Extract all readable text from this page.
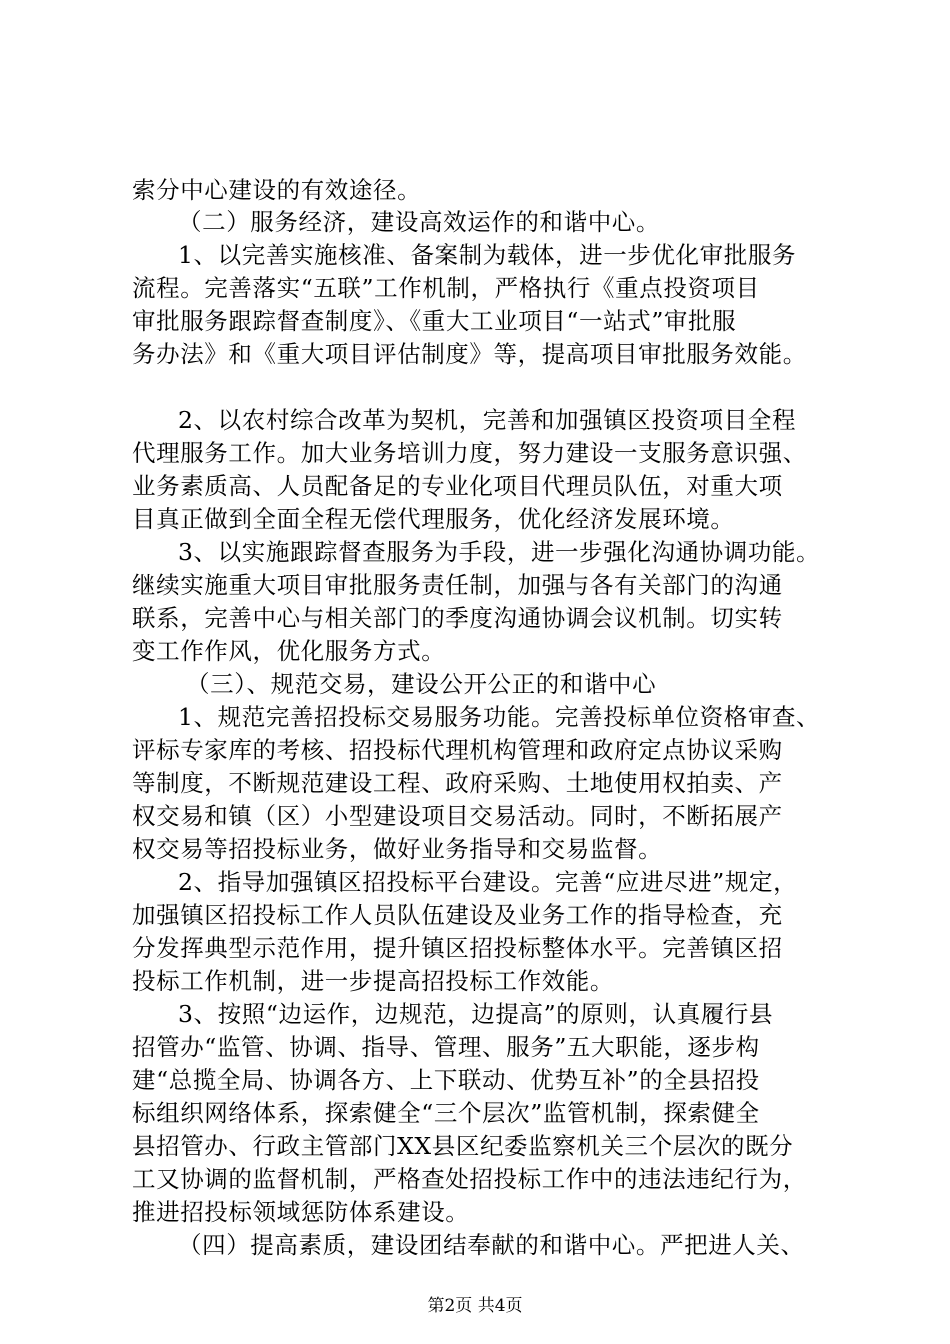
索分中心建设的有效途径。

（二）服务经济，建设高效运作的和谐中心。

1、以完善实施核准、备案制为载体，进一步优化审批服务

流程。完善落实“五联”工作机制，严格执行《重点投资项目

审批服务跟踪督查制度》、《重大工业项目“一站式”审批服

务办法》和《重大项目评估制度》等，提高项目审批服务效能。

2、以农村综合改革为契机，完善和加强镇区投资项目全程

代理服务工作。加大业务培训力度，努力建设一支服务意识强、

业务素质高、人员配备足的专业化项目代理员队伍，对重大项

目真正做到全面全程无偿代理服务，优化经济发展环境。

3、以实施跟踪督查服务为手段，进一步强化沟通协调功能。

继续实施重大项目审批服务责任制，加强与各有关部门的沟通

联系，完善中心与相关部门的季度沟通协调会议机制。切实转

变工作作风，优化服务方式。

（三）、规范交易，建设公开公正的和谐中心

1、规范完善招投标交易服务功能。完善投标单位资格审查、

评标专家库的考核、招投标代理机构管理和政府定点协议采购

等制度，不断规范建设工程、政府采购、土地使用权拍卖、产

权交易和镇（区）小型建设项目交易活动。同时，不断拓展产

权交易等招投标业务，做好业务指导和交易监督。

2、指导加强镇区招投标平台建设。完善“应进尽进”规定，

加强镇区招投标工作人员队伍建设及业务工作的指导检查，充

分发挥典型示范作用，提升镇区招投标整体水平。完善镇区招

投标工作机制，进一步提高招投标工作效能。

3、按照“边运作，边规范，边提高”的原则，认真履行县

招管办“监管、协调、指导、管理、服务”五大职能，逐步构

建“总揽全局、协调各方、上下联动、优势互补”的全县招投

标组织网络体系，探索健全“三个层次”监管机制，探索健全

县招管办、行政主管部门XX县区纪委监察机关三个层次的既分

工又协调的监督机制，严格查处招投标工作中的违法违纪行为，

推进招投标领域惩防体系建设。

（四）提高素质，建设团结奉献的和谐中心。严把进人关、

第2页 共4页
